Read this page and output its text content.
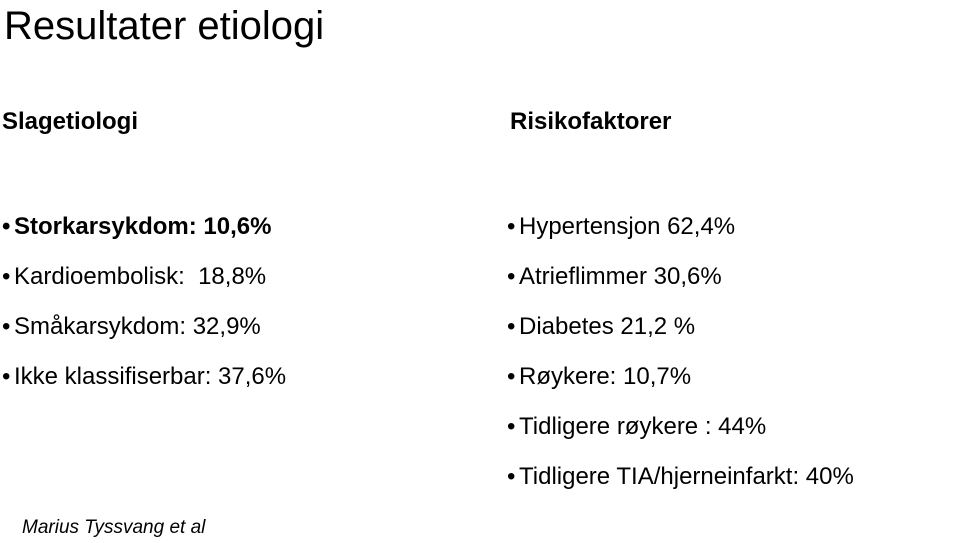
Resultater etiologi
Slagetiologi	Risikofaktorer
• Storkarsykdom: 10,6%
• Kardioembolisk:  18,8%
• Småkarsykdom: 32,9%
• Ikke klassifiserbar: 37,6%
• Hypertensjon 62,4%
• Atrieflimmer 30,6%
• Diabetes 21,2 %
• Røykere: 10,7%
• Tidligere røykere : 44%
• Tidligere TIA/hjerneinfarkt: 40%
Marius Tyssvang et al
